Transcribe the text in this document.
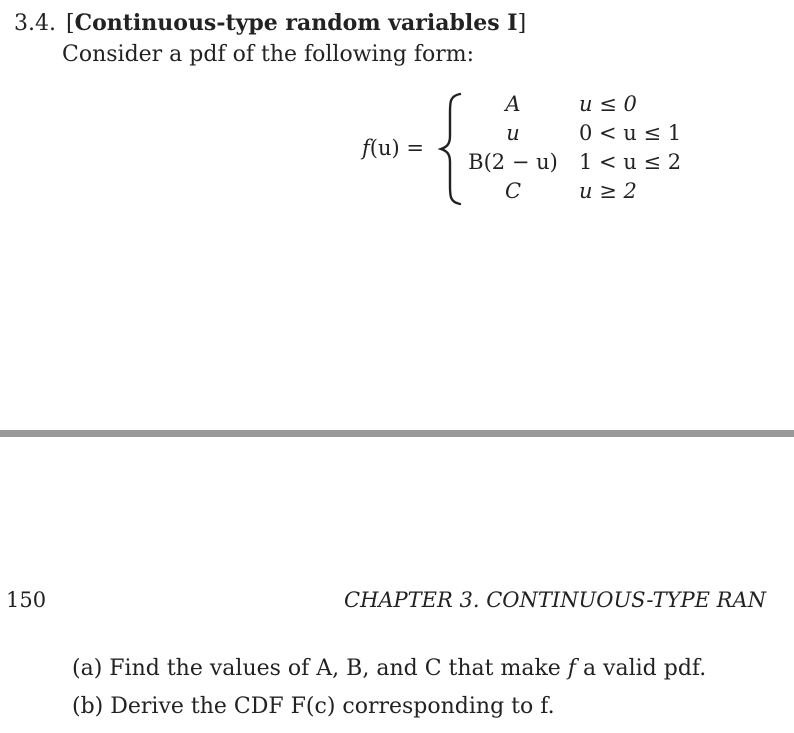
3.4. [Continuous-type random variables I]
Consider a pdf of the following form:
f(u) =
A	u ≤ 0
u	0 < u ≤ 1
B(2 − u)	1 < u ≤ 2
C	u ≥ 2
150	CHAPTER 3. CONTINUOUS-TYPE RAN
(a) Find the values of A, B, and C that make f a valid pdf.
(b) Derive the CDF F(c) corresponding to f.
